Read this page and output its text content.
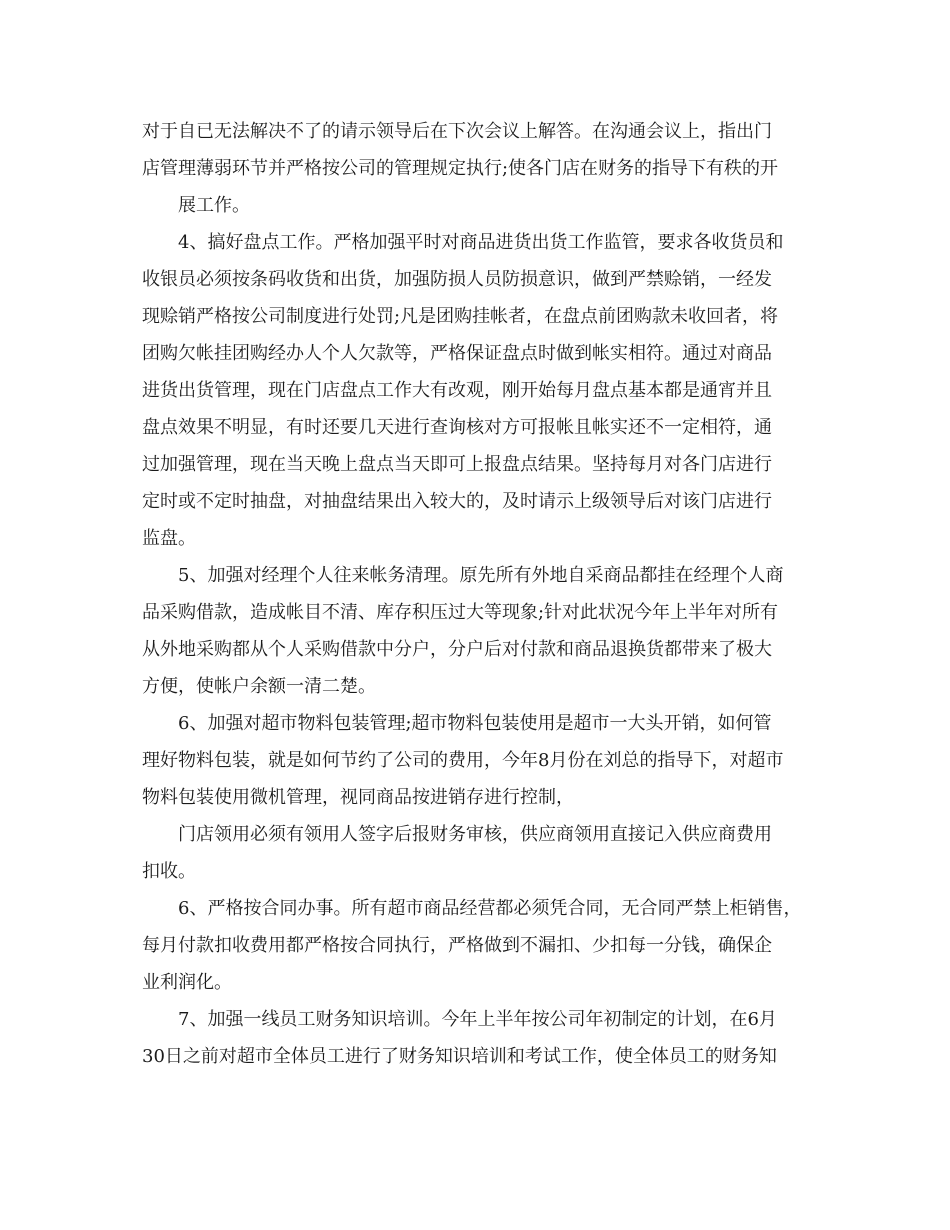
对于自已无法解决不了的请示领导后在下次会议上解答。在沟通会议上，指出门
店管理薄弱环节并严格按公司的管理规定执行;使各门店在财务的指导下有秩的开
展工作。
4、搞好盘点工作。严格加强平时对商品进货出货工作监管，要求各收货员和
收银员必须按条码收货和出货，加强防损人员防损意识，做到严禁赊销，一经发
现赊销严格按公司制度进行处罚;凡是团购挂帐者，在盘点前团购款未收回者，将
团购欠帐挂团购经办人个人欠款等，严格保证盘点时做到帐实相符。通过对商品
进货出货管理，现在门店盘点工作大有改观，刚开始每月盘点基本都是通宵并且
盘点效果不明显，有时还要几天进行查询核对方可报帐且帐实还不一定相符，通
过加强管理，现在当天晚上盘点当天即可上报盘点结果。坚持每月对各门店进行
定时或不定时抽盘，对抽盘结果出入较大的，及时请示上级领导后对该门店进行
监盘。
5、加强对经理个人往来帐务清理。原先所有外地自采商品都挂在经理个人商
品采购借款，造成帐目不清、库存积压过大等现象;针对此状况今年上半年对所有
从外地采购都从个人采购借款中分户，分户后对付款和商品退换货都带来了极大
方便，使帐户余额一清二楚。
6、加强对超市物料包装管理;超市物料包装使用是超市一大头开销，如何管
理好物料包装，就是如何节约了公司的费用，今年8月份在刘总的指导下，对超市
物料包装使用微机管理，视同商品按进销存进行控制，
门店领用必须有领用人签字后报财务审核，供应商领用直接记入供应商费用
扣收。
6、严格按合同办事。所有超市商品经营都必须凭合同，无合同严禁上柜销售，
每月付款扣收费用都严格按合同执行，严格做到不漏扣、少扣每一分钱，确保企
业利润化。
7、加强一线员工财务知识培训。今年上半年按公司年初制定的计划，在6月
30日之前对超市全体员工进行了财务知识培训和考试工作，使全体员工的财务知
